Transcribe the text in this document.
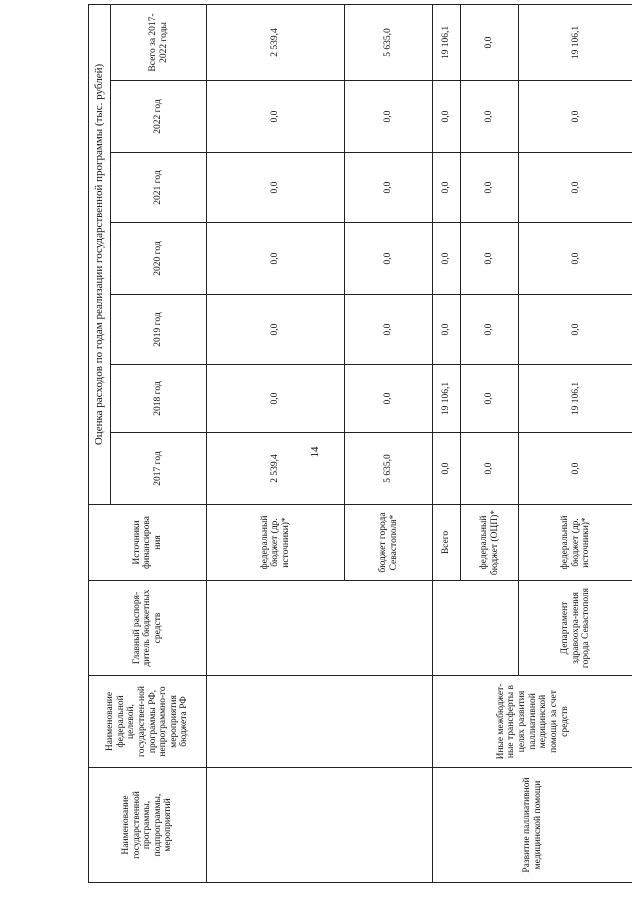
14
Наименование государственной программы, подпрограммы, мероприятий	Наименование федеральной целевой, государствен-ной программы РФ, непрограммно-го мероприятия бюджета РФ	Главный распоря-дитель бюджетных средств	Источники финансирова ния	Оценка расходов по годам реализации государственной программы (тыс. рублей)						
				2017 год	2018 год	2019 год	2020 год	2021 год	2022 год	Всего за 2017-2022 годы
			федеральный бюджет (др. источники)*	2 539,4	0,0	0,0	0,0	0,0	0,0	2 539,4
			бюджет города Севастополя*	5 635,0	0,0	0,0	0,0	0,0	0,0	5 635,0
Развитие паллиативной медицинской помощи	Иные межбюджет-ные трансферты в целях развития паллиативной медицинской помощи за счет средств		Всего	0,0	19 106,1	0,0	0,0	0,0	0,0	19 106,1
			федеральный бюджет (ОЦП)*	0,0	0,0	0,0	0,0	0,0	0,0	0,0
		Департамент здравоохра-нения города Севастополя	федеральный бюджет (др. источники)*	0,0	19 106,1	0,0	0,0	0,0	0,0	19 106,1
